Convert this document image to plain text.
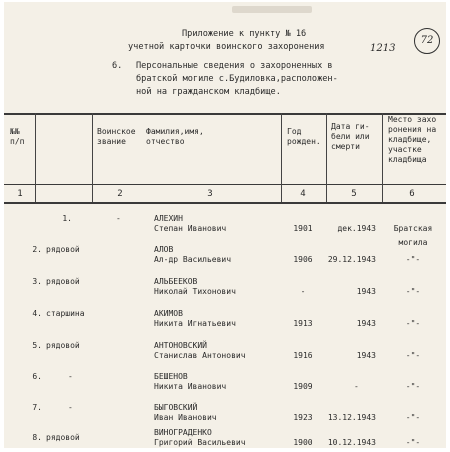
Приложение к пункту № 16
учетной карточки воинского захоронения	1213
72
6. Персональные сведения о захороненных в
братской могиле с.Будиловка,расположен-
ной на гражданском кладбище.
№№
п/п
Воинское
звание
Фамилия,имя,
отчество
Год
рожден.
Дата ги-
бели или
смерти
Место захо
ронения на
кладбище,
участке
кладбища
1	2	3	4	5	6
1.	-	АЛЕХИН
Степан Иванович	1901	дек.1943	Братская
могила
2. рядовой	АЛОВ
Ал-др Васильевич	1906	29.12.1943	-"-
3. рядовой	АЛЬБЕЕКОВ
Николай Тихонович	-	1943	-"-
4. старшина	АКИМОВ
Никита Игнатьевич	1913	1943	-"-
5. рядовой	АНТОНОВСКИЙ
Станислав Антонович	1916	1943	-"-
6.	-	БЕШЕНОВ
Никита Иванович	1909	-	-"-
7.	-	БЫГОВСКИЙ
Иван Иванович	1923	13.12.1943	-"-
8. рядовой
ВИНОГРАДЕНКО
Григорий Васильевич	1900	10.12.1943	-"-
